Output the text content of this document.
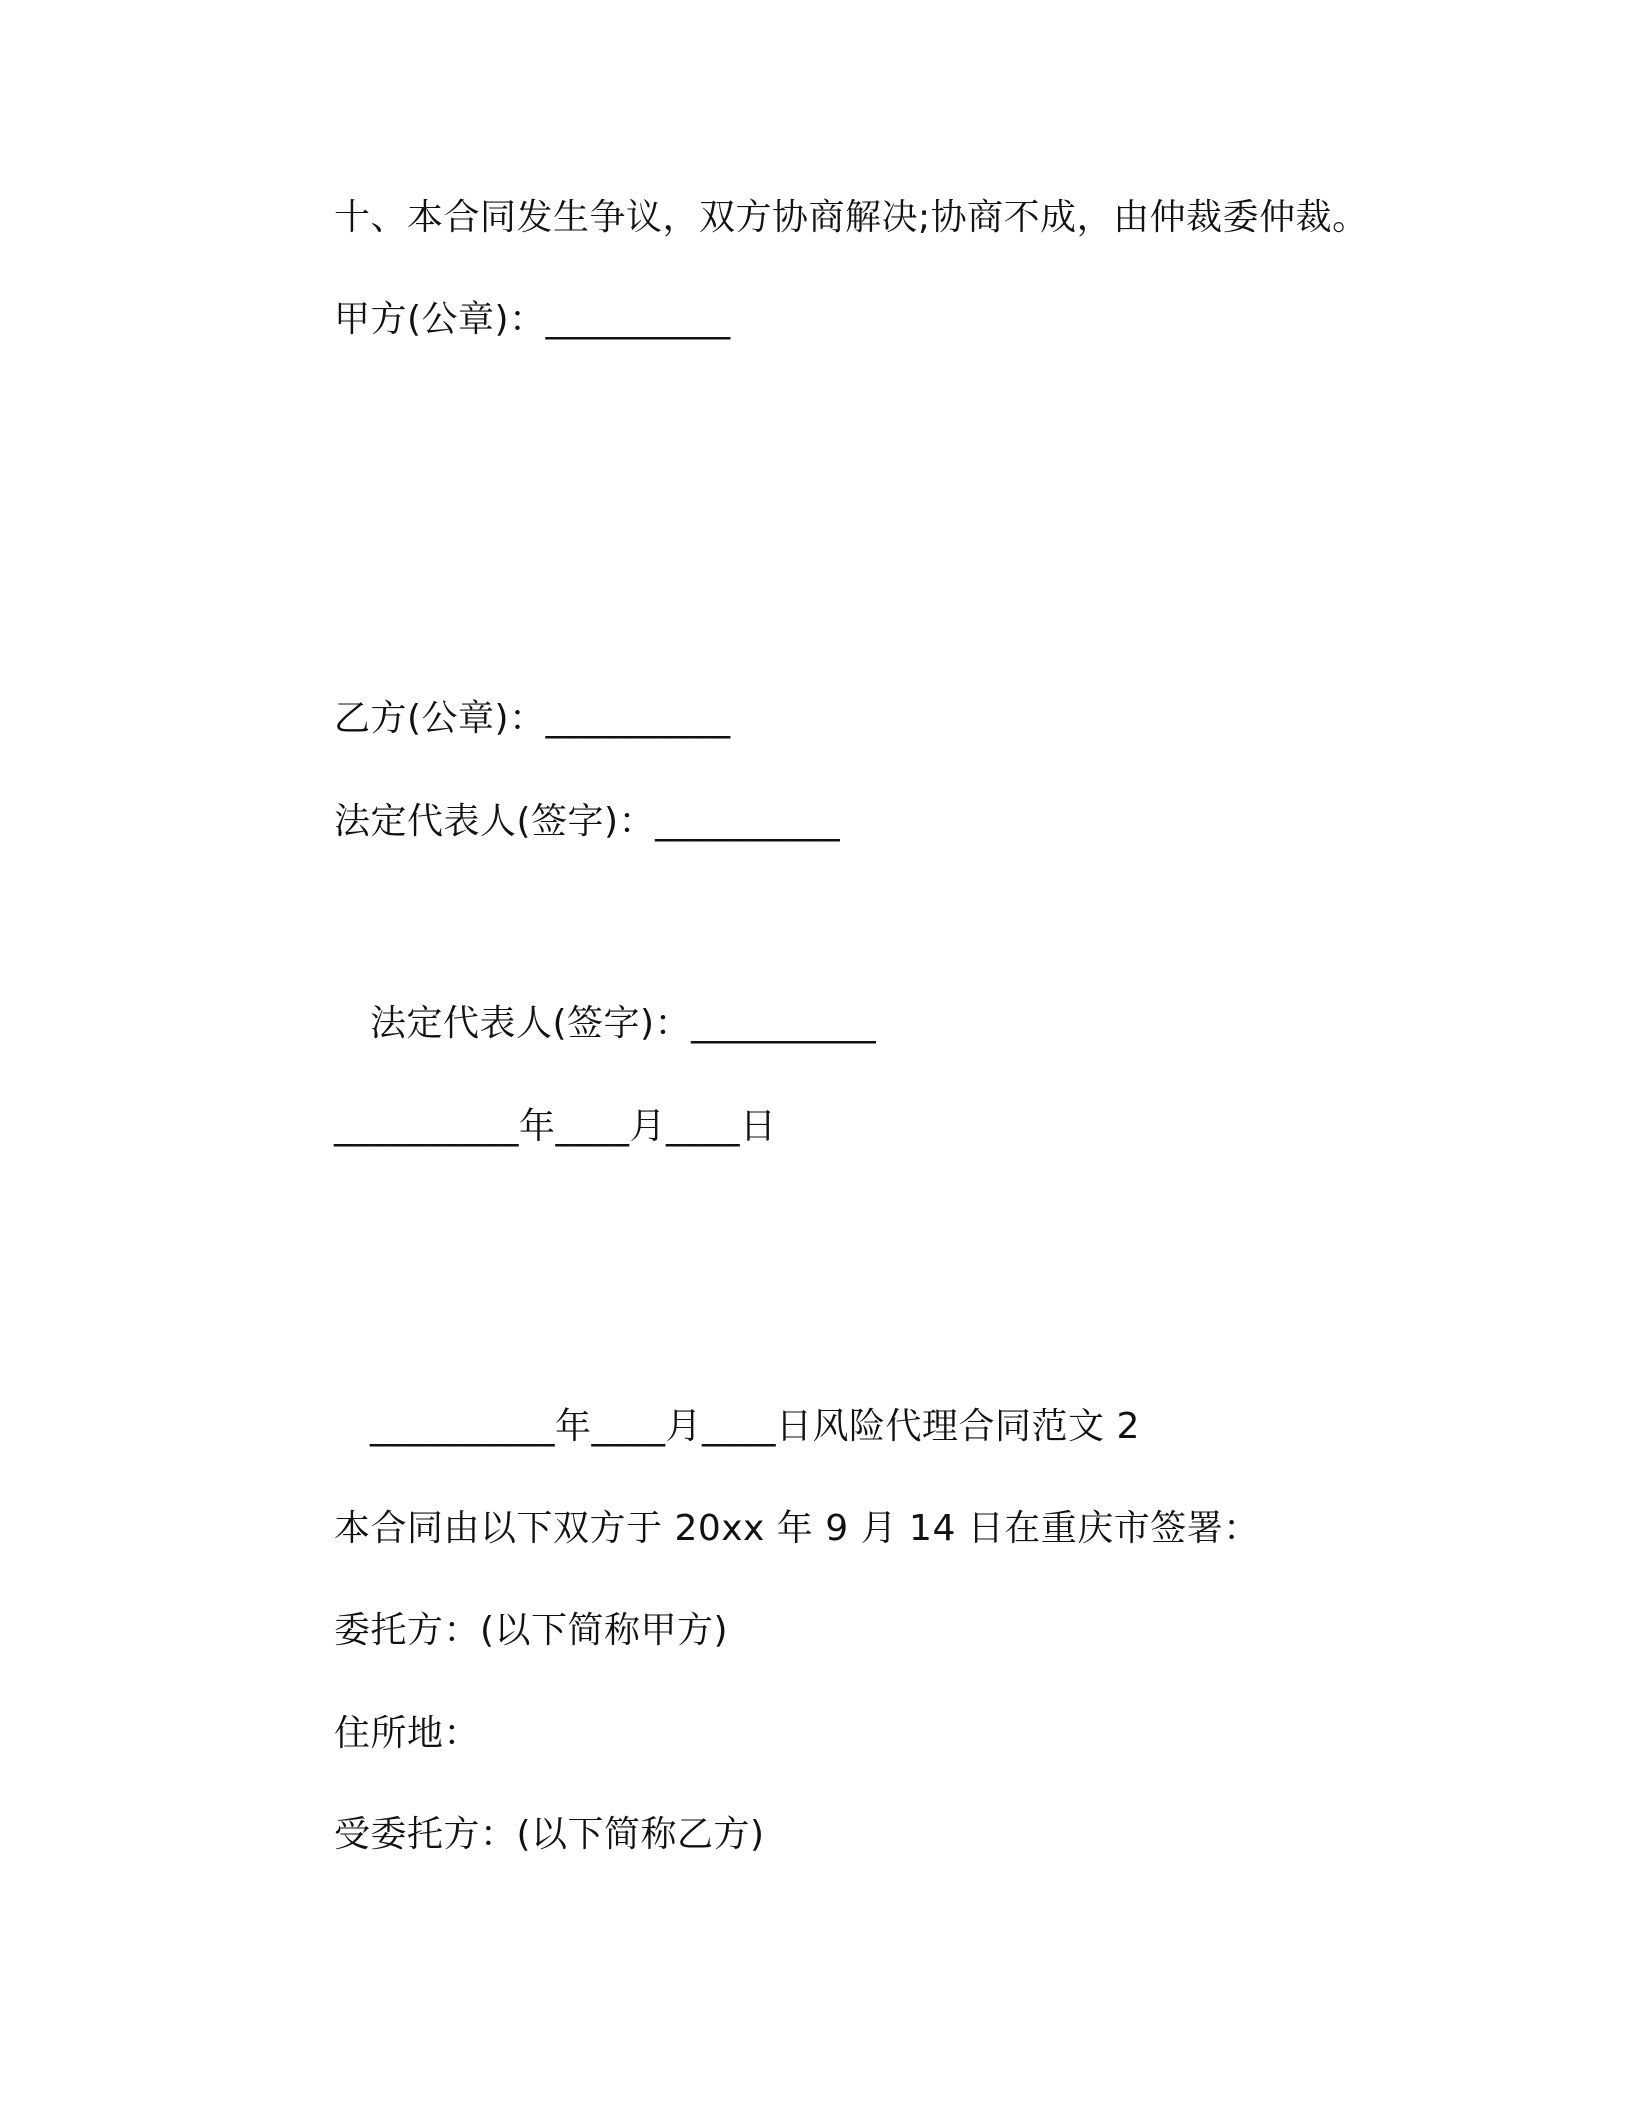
十、本合同发生争议，双方协商解决;协商不成，由仲裁委仲裁。
甲方(公章)：__________
乙方(公章)：__________
法定代表人(签字)：__________
法定代表人(签字)：__________
__________年____月____日
__________年____月____日风险代理合同范文 2
本合同由以下双方于 20xx 年 9 月 14 日在重庆市签署：
委托方：(以下简称甲方)
住所地：
受委托方：(以下简称乙方)
